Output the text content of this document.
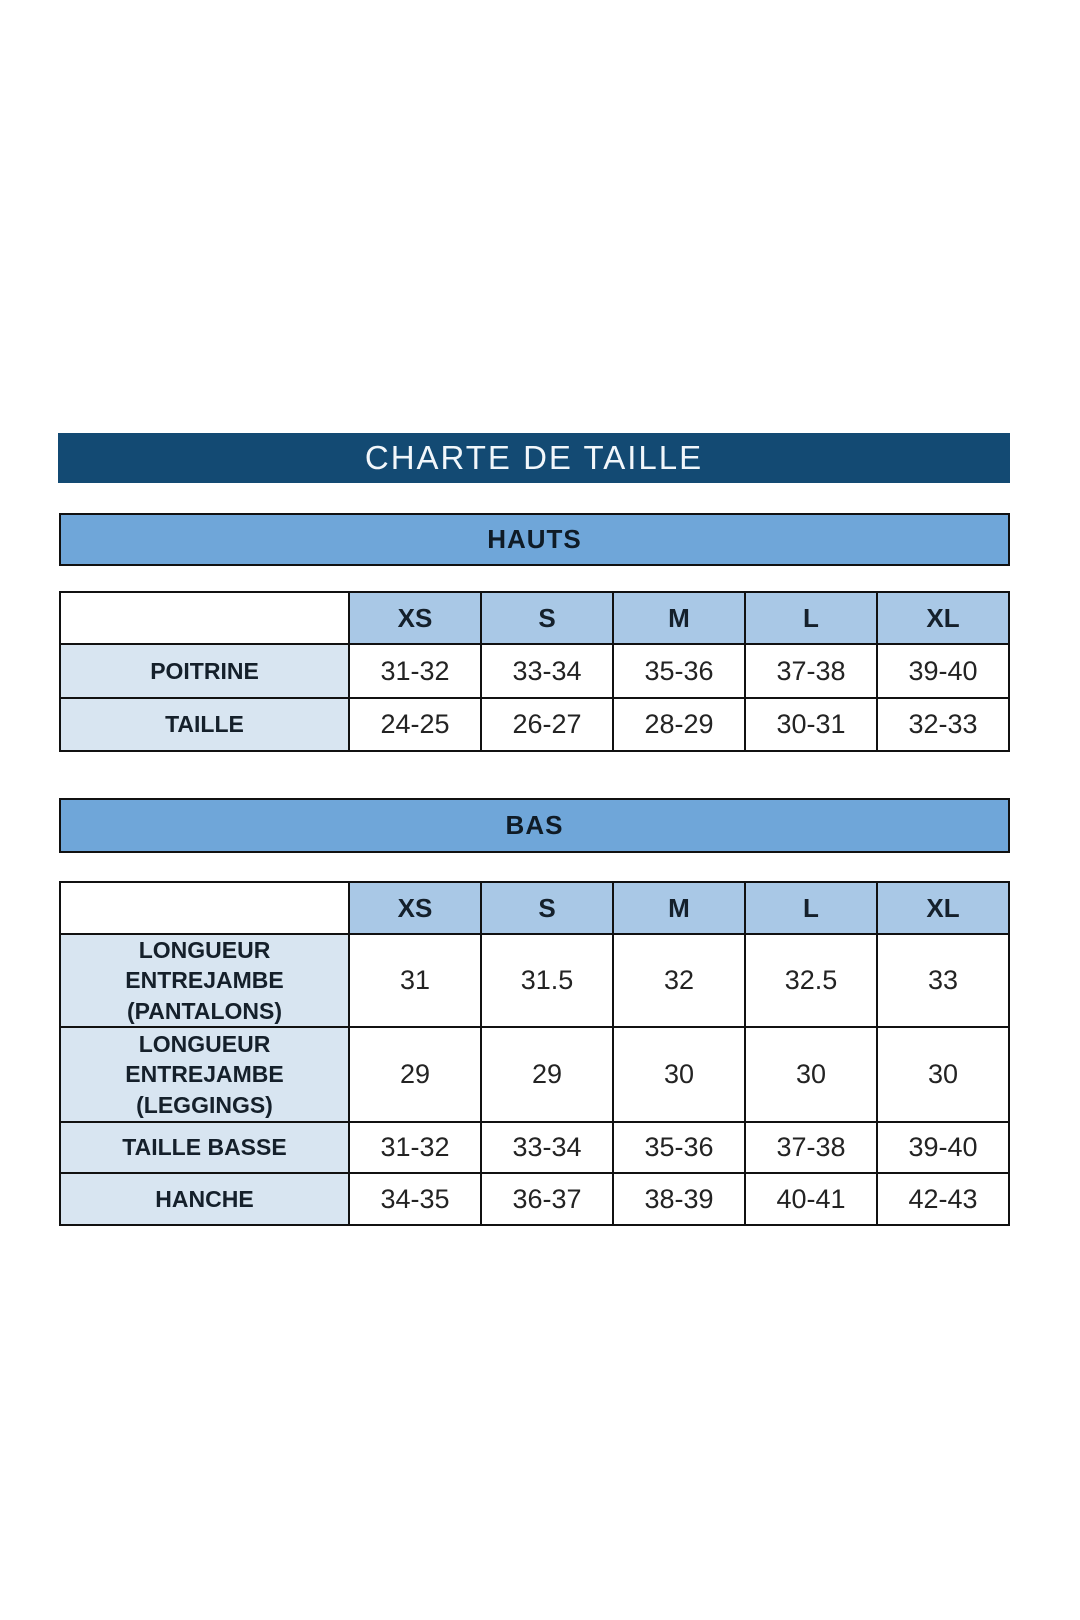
CHARTE DE TAILLE
HAUTS
	XS	S	M	L	XL
POITRINE	31-32	33-34	35-36	37-38	39-40
TAILLE	24-25	26-27	28-29	30-31	32-33
BAS
	XS	S	M	L	XL
LONGUEUR ENTREJAMBE (PANTALONS)	31	31.5	32	32.5	33
LONGUEUR ENTREJAMBE (LEGGINGS)	29	29	30	30	30
TAILLE BASSE	31-32	33-34	35-36	37-38	39-40
HANCHE	34-35	36-37	38-39	40-41	42-43
